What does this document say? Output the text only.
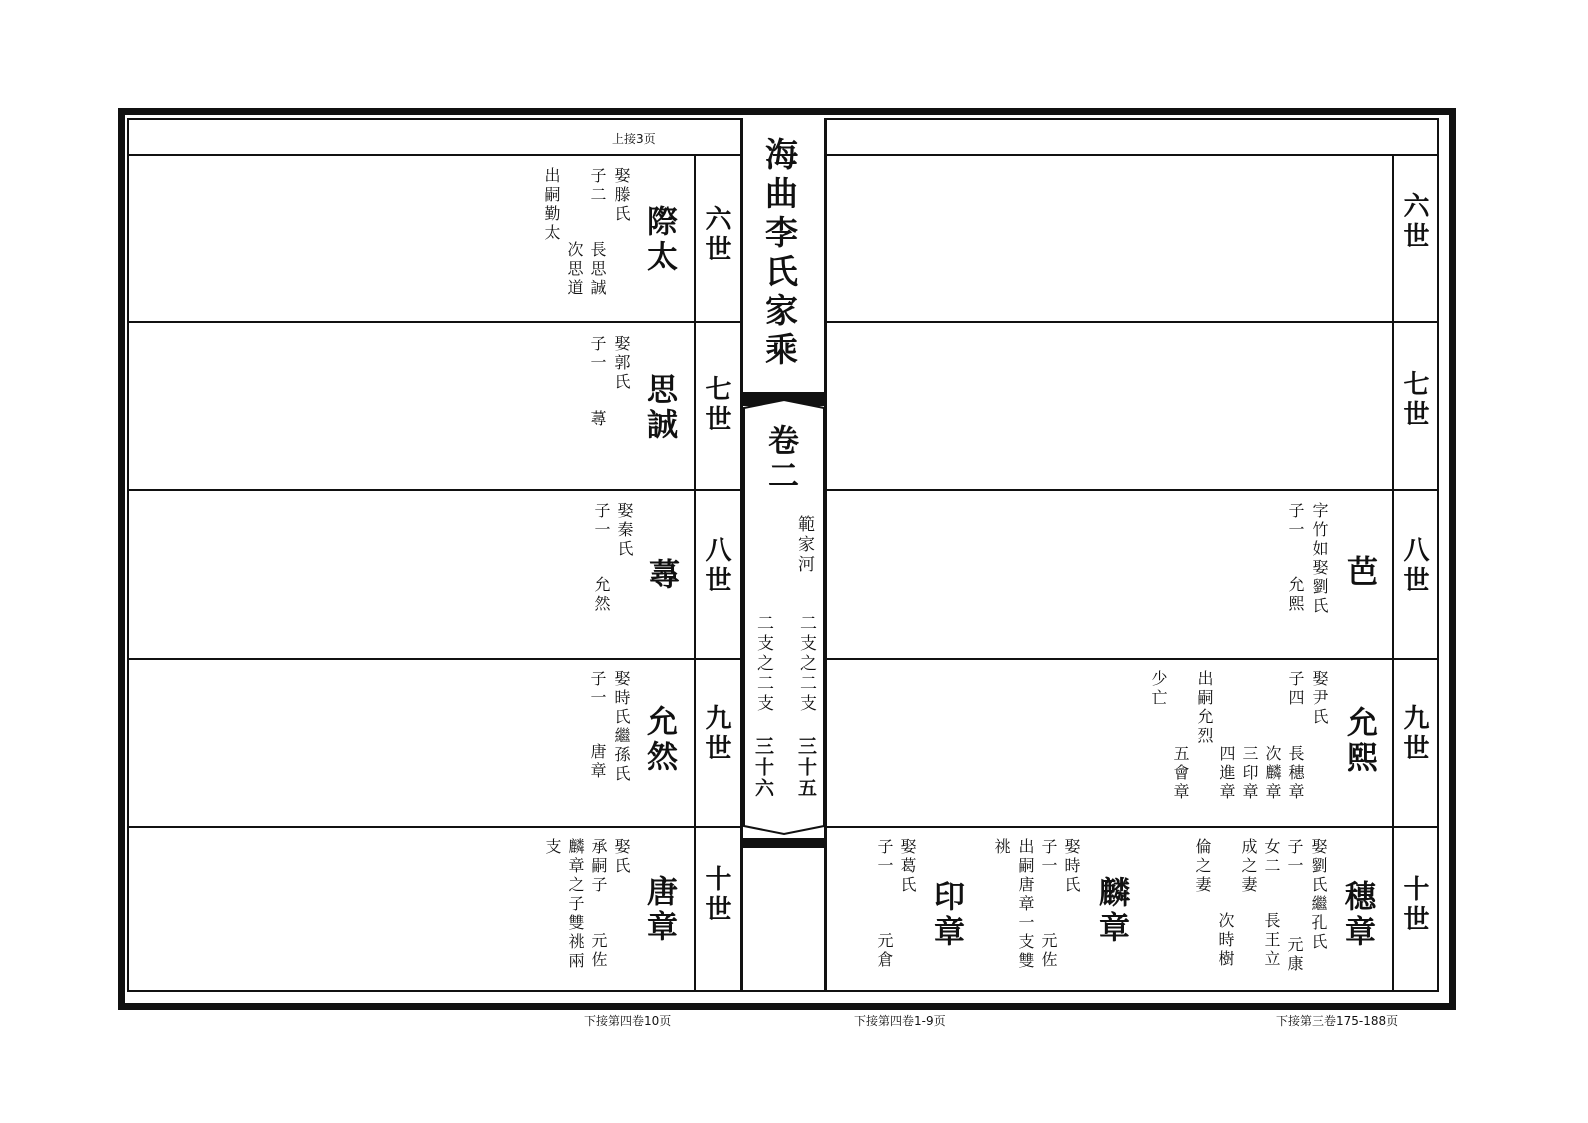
海曲李氏家乘
卷二
範家河
二支之二支
二支之二支
三十五
三十六
上接3页
下接第四卷10页	下接第四卷1-9页	下接第三卷175-188页
六世
七世
八世
九世
十世
六世
七世
八世
九世
十世
際太
娶滕氏
子二
長思誠
次思道
出嗣勤太
思誠
娶郭氏
子一
蕁
蕁
娶秦氏
子一
允然
允然
娶時氏繼孫氏
子一
唐章
唐章
娶氏
元佐
承嗣子
麟章之子雙祧兩
支
芭
字竹如娶劉氏
子一
允熙
允熙
娶尹氏
子四
長穗章
次麟章
三印章
四進章
出嗣允烈
五會章
少亡
穗章
娶劉氏繼孔氏
子一
元康
女二
長王立
成之妻
次時樹
倫之妻
麟章
娶時氏
子一
元佐
出嗣唐章一支雙
祧
印章
娶葛氏
子一
元倉
